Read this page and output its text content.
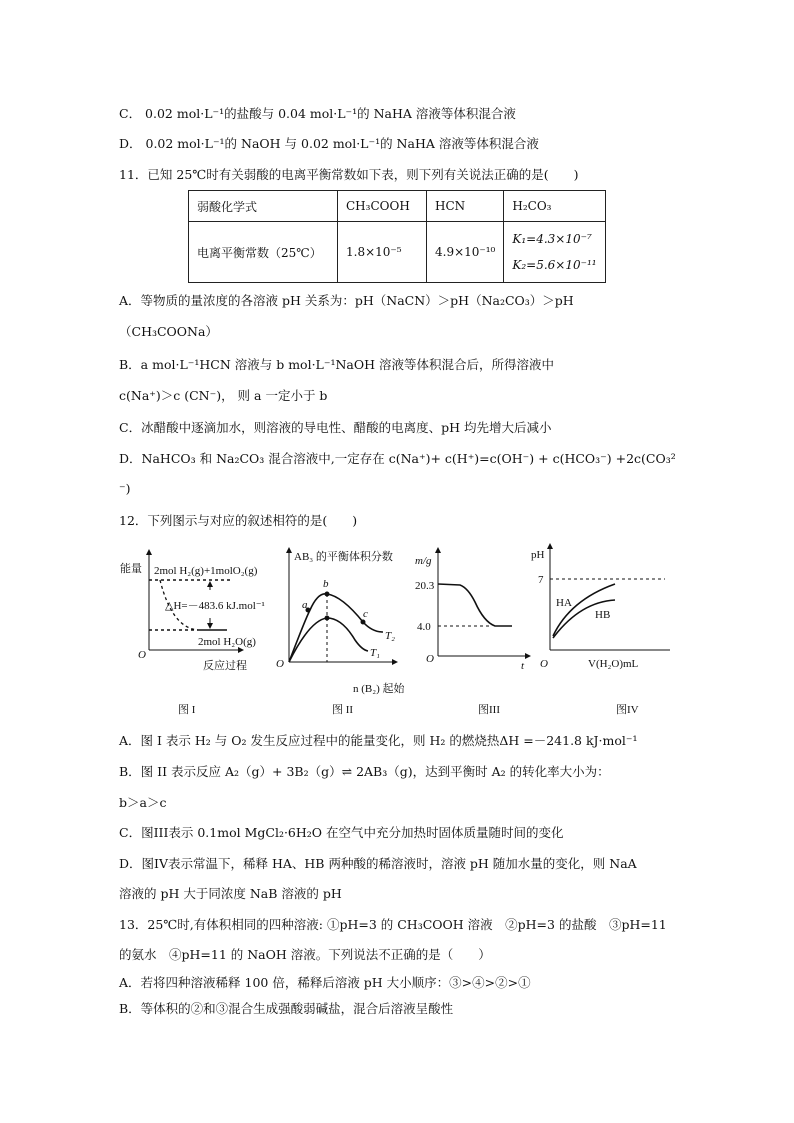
C． 0.02 mol·L⁻¹的盐酸与 0.04 mol·L⁻¹的 NaHA 溶液等体积混合液
D． 0.02 mol·L⁻¹的 NaOH 与 0.02 mol·L⁻¹的 NaHA 溶液等体积混合液
11．已知 25℃时有关弱酸的电离平衡常数如下表，则下列有关说法正确的是(　　)
弱酸化学式	CH₃COOH	HCN	H₂CO₃
电离平衡常数（25℃）	1.8×10⁻⁵	4.9×10⁻¹⁰	K₁=4.3×10⁻⁷
K₂=5.6×10⁻¹¹
A．等物质的量浓度的各溶液 pH 关系为：pH（NaCN）＞pH（Na₂CO₃）＞pH
（CH₃COONa）
B．a mol·L⁻¹HCN 溶液与 b mol·L⁻¹NaOH 溶液等体积混合后，所得溶液中
c(Na⁺)＞c (CN⁻)， 则 a 一定小于 b
C．冰醋酸中逐滴加水，则溶液的导电性、醋酸的电离度、pH 均先增大后减小
D．NaHCO₃ 和 Na₂CO₃ 混合溶液中,一定存在 c(Na⁺)+ c(H⁺)=c(OH⁻) + c(HCO₃⁻) +2c(CO₃²
⁻)
12．下列图示与对应的叙述相符的是(　　)
能量 2mol H₂(g)+1molO₂(g)
△H=－483.6 kJ.mol⁻¹
2mol H₂O(g)
O
反应过程
图 I
AB₃ 的平衡体积分数
a
b
c
T₂
T₁
O
n (B₂) 起始
图 II
m/g
20.3
4.0
O
t
图III
pH
7
HA
HB
O	V(H₂O)mL
图IV
A．图 I 表示 H₂ 与 O₂ 发生反应过程中的能量变化，则 H₂ 的燃烧热ΔH =－241.8 kJ·mol⁻¹
B．图 II 表示反应 A₂（g）+ 3B₂（g）⇌ 2AB₃（g)，达到平衡时 A₂ 的转化率大小为：
b＞a＞c
C．图III表示 0.1mol MgCl₂·6H₂O 在空气中充分加热时固体质量随时间的变化
D．图IV表示常温下，稀释 HA、HB 两种酸的稀溶液时，溶液 pH 随加水量的变化，则 NaA
溶液的 pH 大于同浓度 NaB 溶液的 pH
13．25℃时,有体积相同的四种溶液: ①pH=3 的 CH₃COOH 溶液　②pH=3 的盐酸　③pH=11
的氨水　④pH=11 的 NaOH 溶液。下列说法不正确的是（　　）
A．若将四种溶液稀释 100 倍，稀释后溶液 pH 大小顺序：③>④>②>①
B．等体积的②和③混合生成强酸弱碱盐，混合后溶液呈酸性
